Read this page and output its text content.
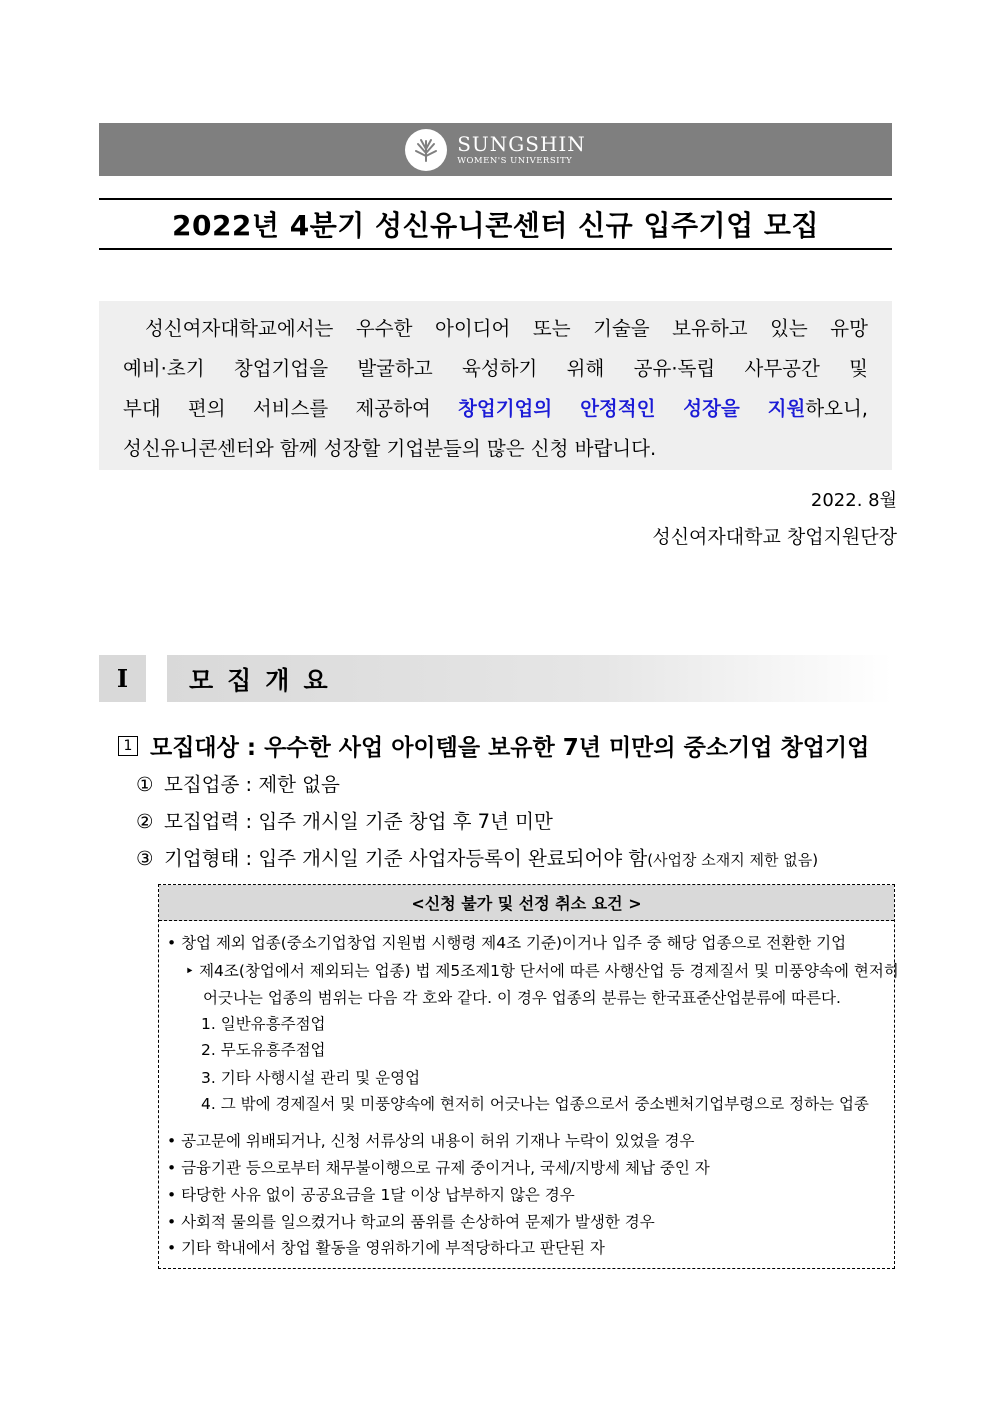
SUNGSHIN
WOMEN'S UNIVERSITY
2022년 4분기 성신유니콘센터 신규 입주기업 모집

성신여자대학교에서는 우수한 아이디어 또는 기술을 보유하고 있는 유망

예비·초기 창업기업을 발굴하고 육성하기 위해 공유·독립 사무공간 및

부대 편의 서비스를 제공하여 창업기업의 안정적인 성장을 지원하오니,

성신유니콘센터와 함께 성장할 기업분들의 많은 신청 바랍니다.

2022. 8월
성신여자대학교 창업지원단장
I	모집개요
1 모집대상 : 우수한 사업 아이템을 보유한 7년 미만의 중소기업 창업기업
① 모집업종 : 제한 없음
② 모집업력 : 입주 개시일 기준 창업 후 7년 미만
③ 기업형태 : 입주 개시일 기준 사업자등록이 완료되어야 함(사업장 소재지 제한 없음)
<신청 불가 및 선정 취소 요건 >
• 창업 제외 업종(중소기업창업 지원법 시행령 제4조 기준)이거나 입주 중 해당 업종으로 전환한 기업
‣ 제4조(창업에서 제외되는 업종) 법 제5조제1항 단서에 따른 사행산업 등 경제질서 및 미풍양속에 현저히
어긋나는 업종의 범위는 다음 각 호와 같다. 이 경우 업종의 분류는 한국표준산업분류에 따른다.
1. 일반유흥주점업
2. 무도유흥주점업
3. 기타 사행시설 관리 및 운영업
4. 그 밖에 경제질서 및 미풍양속에 현저히 어긋나는 업종으로서 중소벤처기업부령으로 정하는 업종
• 공고문에 위배되거나, 신청 서류상의 내용이 허위 기재나 누락이 있었을 경우
• 금융기관 등으로부터 채무불이행으로 규제 중이거나, 국세/지방세 체납 중인 자
• 타당한 사유 없이 공공요금을 1달 이상 납부하지 않은 경우
• 사회적 물의를 일으켰거나 학교의 품위를 손상하여 문제가 발생한 경우
• 기타 학내에서 창업 활동을 영위하기에 부적당하다고 판단된 자
